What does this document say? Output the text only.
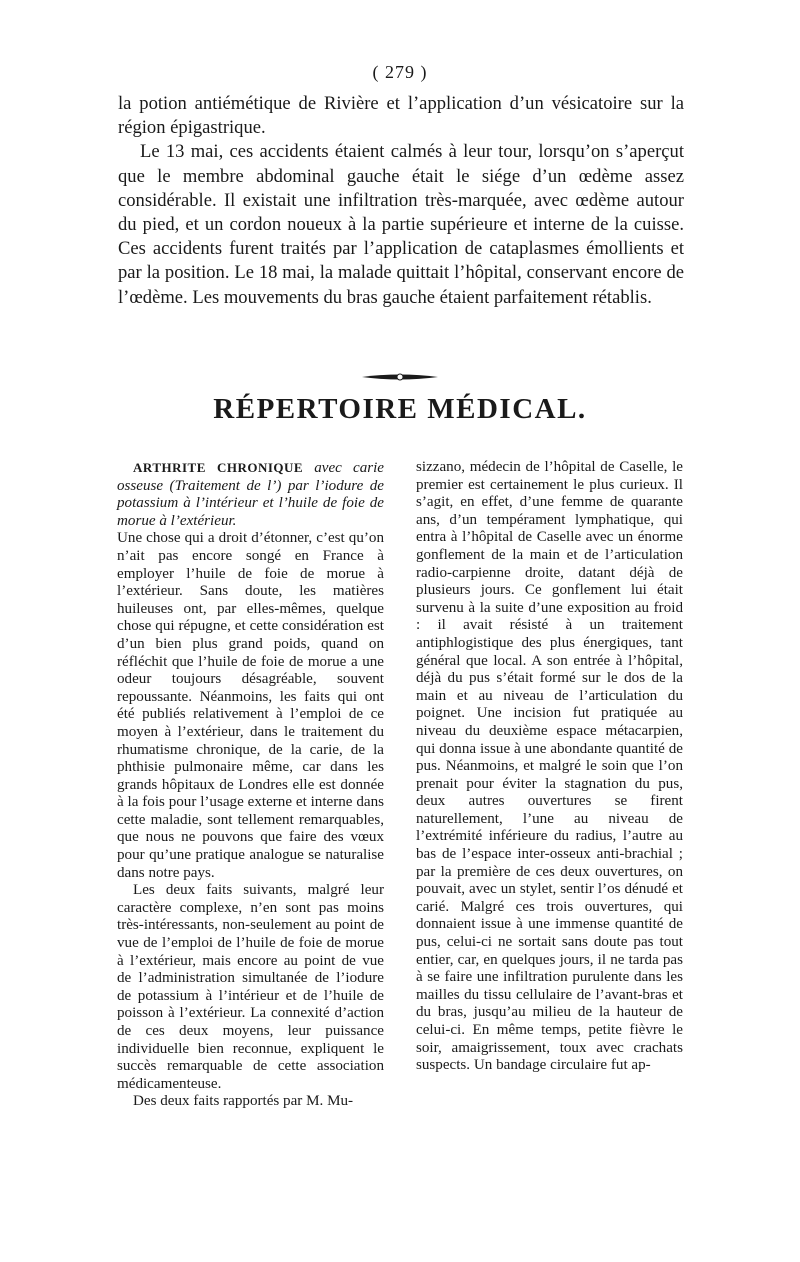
( 279 )

la potion antiémétique de Rivière et l’application d’un vésicatoire sur la région épigastrique.

Le 13 mai, ces accidents étaient calmés à leur tour, lorsqu’on s’aperçut que le membre abdominal gauche était le siége d’un œdème assez considérable. Il existait une infiltration très-marquée, avec œdème autour du pied, et un cordon noueux à la partie supérieure et interne de la cuisse. Ces accidents furent traités par l’application de cataplasmes émollients et par la position. Le 18 mai, la malade quittait l’hôpital, conservant encore de l’œdème. Les mouvements du bras gauche étaient parfaitement rétablis.

RÉPERTOIRE MÉDICAL.

ARTHRITE CHRONIQUE avec carie osseuse (Traitement de l’) par l’iodure de potassium à l’intérieur et l’huile de foie de morue à l’extérieur.

Une chose qui a droit d’étonner, c’est qu’on n’ait pas encore songé en France à employer l’huile de foie de morue à l’extérieur. Sans doute, les matières huileuses ont, par elles-mêmes, quelque chose qui répugne, et cette considération est d’un bien plus grand poids, quand on réfléchit que l’huile de foie de morue a une odeur toujours désagréable, souvent repoussante. Néanmoins, les faits qui ont été publiés relativement à l’emploi de ce moyen à l’extérieur, dans le traitement du rhumatisme chronique, de la carie, de la phthisie pulmonaire même, car dans les grands hôpitaux de Londres elle est donnée à la fois pour l’usage externe et interne dans cette maladie, sont tellement remarquables, que nous ne pouvons que faire des vœux pour qu’une pratique analogue se naturalise dans notre pays.

Les deux faits suivants, malgré leur caractère complexe, n’en sont pas moins très-intéressants, non-seulement au point de vue de l’emploi de l’huile de foie de morue à l’extérieur, mais encore au point de vue de l’administration simultanée de l’iodure de potassium à l’intérieur et de l’huile de poisson à l’extérieur. La connexité d’action de ces deux moyens, leur puissance individuelle bien reconnue, expliquent le succès remarquable de cette association médicamenteuse.

Des deux faits rapportés par M. Mu-

sizzano, médecin de l’hôpital de Caselle, le premier est certainement le plus curieux. Il s’agit, en effet, d’une femme de quarante ans, d’un tempérament lymphatique, qui entra à l’hôpital de Caselle avec un énorme gonflement de la main et de l’articulation radio-carpienne droite, datant déjà de plusieurs jours. Ce gonflement lui était survenu à la suite d’une exposition au froid : il avait résisté à un traitement antiphlogistique des plus énergiques, tant général que local. A son entrée à l’hôpital, déjà du pus s’était formé sur le dos de la main et au niveau de l’articulation du poignet. Une incision fut pratiquée au niveau du deuxième espace métacarpien, qui donna issue à une abondante quantité de pus. Néanmoins, et malgré le soin que l’on prenait pour éviter la stagnation du pus, deux autres ouvertures se firent naturellement, l’une au niveau de l’extrémité inférieure du radius, l’autre au bas de l’espace inter-osseux anti-brachial ; par la première de ces deux ouvertures, on pouvait, avec un stylet, sentir l’os dénudé et carié. Malgré ces trois ouvertures, qui donnaient issue à une immense quantité de pus, celui-ci ne sortait sans doute pas tout entier, car, en quelques jours, il ne tarda pas à se faire une infiltration purulente dans les mailles du tissu cellulaire de l’avant-bras et du bras, jusqu’au milieu de la hauteur de celui-ci. En même temps, petite fièvre le soir, amaigrissement, toux avec crachats suspects. Un bandage circulaire fut ap-
